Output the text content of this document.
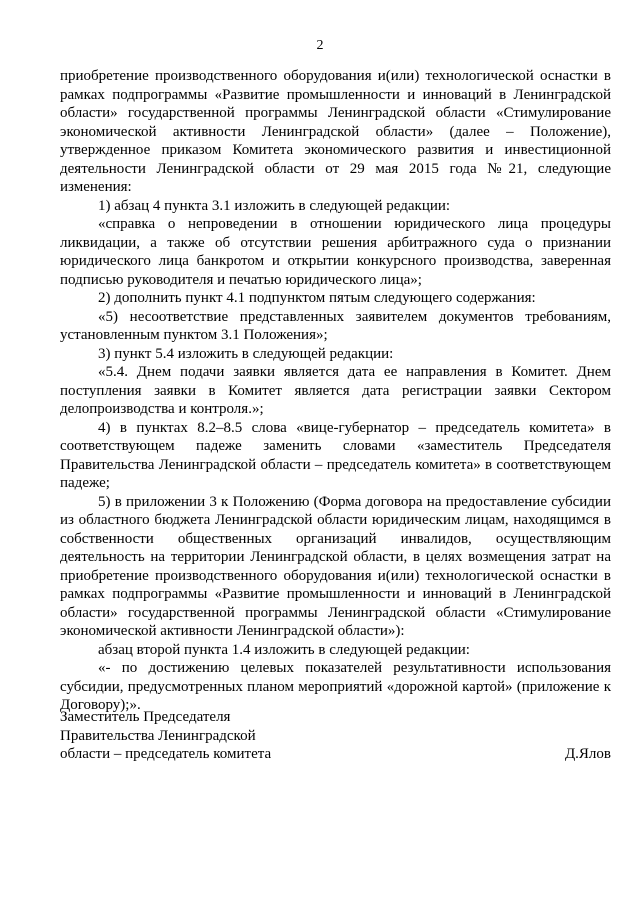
2

приобретение производственного оборудования и(или) технологической оснастки в рамках подпрограммы «Развитие промышленности и инноваций в Ленинградской области» государственной программы Ленинградской области «Стимулирование экономической активности Ленинградской области» (далее – Положение), утвержденное приказом Комитета экономического развития и инвестиционной деятельности Ленинградской области от 29 мая 2015 года №21, следующие изменения:

1) абзац 4 пункта 3.1 изложить в следующей редакции:

«справка о непроведении в отношении юридического лица процедуры ликвидации, а также об отсутствии решения арбитражного суда о признании юридического лица банкротом и открытии конкурсного производства, заверенная подписью руководителя и печатью юридического лица»;

2) дополнить пункт 4.1 подпунктом пятым следующего содержания:

«5) несоответствие представленных заявителем документов требованиям, установленным пунктом 3.1 Положения»;

3) пункт 5.4 изложить в следующей редакции:

«5.4. Днем подачи заявки является дата ее направления в Комитет. Днем поступления заявки в Комитет является дата регистрации заявки Сектором делопроизводства и контроля.»;

4) в пунктах 8.2–8.5 слова «вице-губернатор – председатель комитета» в соответствующем падеже заменить словами «заместитель Председателя Правительства Ленинградской области – председатель комитета» в соответствующем падеже;

5) в приложении 3 к Положению (Форма договора на предоставление субсидии из областного бюджета Ленинградской области юридическим лицам, находящимся в собственности общественных организаций инвалидов, осуществляющим деятельность на территории Ленинградской области, в целях возмещения затрат на приобретение производственного оборудования и(или) технологической оснастки в рамках подпрограммы «Развитие промышленности и инноваций в Ленинградской области» государственной программы Ленинградской области «Стимулирование экономической активности Ленинградской области»):

абзац второй пункта 1.4 изложить в следующей редакции:

«- по достижению целевых показателей результативности использования субсидии, предусмотренных планом мероприятий «дорожной картой» (приложение к Договору);».

Заместитель Председателя
Правительства Ленинградской
области – председатель комитета	Д.Ялов
